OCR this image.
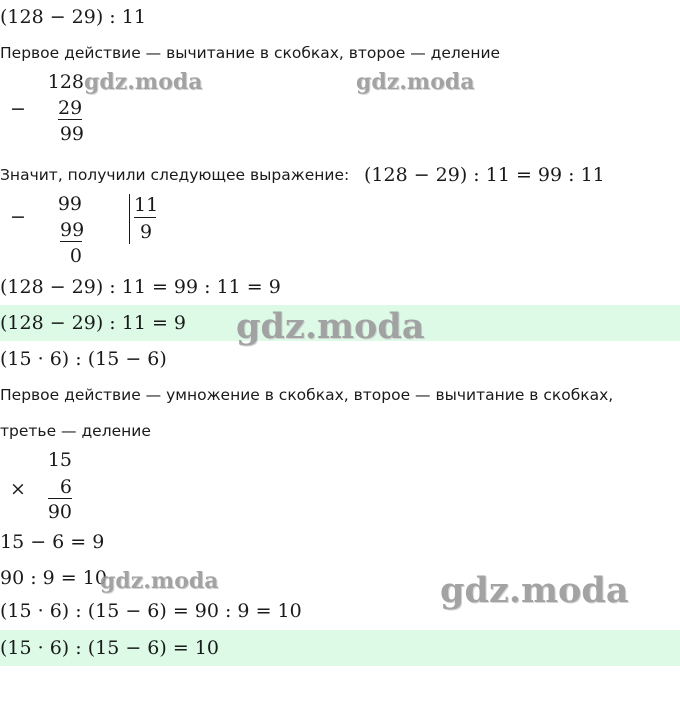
(128 − 29) : 11
Первое действие — вычитание в скобках, второе — деление
−
128
29
99
gdz.moda	gdz.moda
Значит, получили следующее выражение: (128 − 29) : 11 = 99 : 11
−
99
99
0
11
9
(128 − 29) : 11 = 99 : 11 = 9
(128 − 29) : 11 = 9 gdz.moda
(15 · 6) : (15 − 6)
Первое действие — умножение в скобках, второе — вычитание в скобках,
третье — деление
×
15
6
90
15 − 6 = 9
90 : 9 = 10
gdz.moda	gdz.moda
(15 · 6) : (15 − 6) = 90 : 9 = 10
(15 · 6) : (15 − 6) = 10
